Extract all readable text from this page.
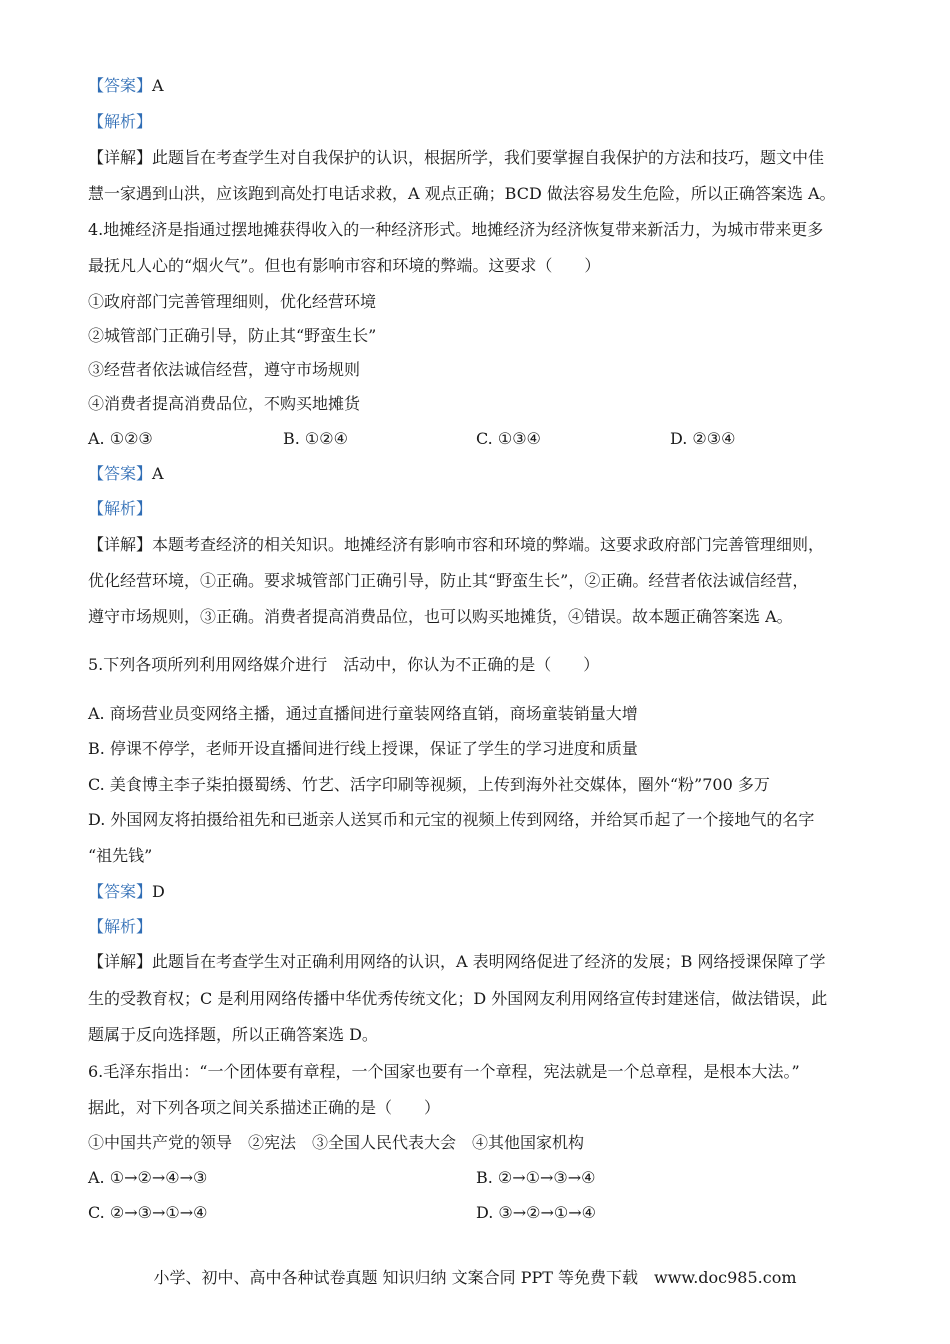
【答案】A
【解析】
【详解】此题旨在考查学生对自我保护的认识，根据所学，我们要掌握自我保护的方法和技巧，题文中佳
慧一家遇到山洪，应该跑到高处打电话求救，A 观点正确；BCD 做法容易发生危险，所以正确答案选 A。
4.地摊经济是指通过摆地摊获得收入的一种经济形式。地摊经济为经济恢复带来新活力，为城市带来更多
最抚凡人心的“烟火气”。但也有影响市容和环境的弊端。这要求（　　）
①政府部门完善管理细则，优化经营环境
②城管部门正确引导，防止其“野蛮生长”
③经营者依法诚信经营，遵守市场规则
④消费者提高消费品位，不购买地摊货
A. ①②③	B. ①②④	C. ①③④	D. ②③④
【答案】A
【解析】
【详解】本题考查经济的相关知识。地摊经济有影响市容和环境的弊端。这要求政府部门完善管理细则，
优化经营环境，①正确。要求城管部门正确引导，防止其“野蛮生长”，②正确。经营者依法诚信经营，
遵守市场规则，③正确。消费者提高消费品位，也可以购买地摊货，④错误。故本题正确答案选 A。
5.下列各项所列利用网络媒介进行　活动中，你认为不正确的是（　　）
A. 商场营业员变网络主播，通过直播间进行童装网络直销，商场童装销量大增
B. 停课不停学，老师开设直播间进行线上授课，保证了学生的学习进度和质量
C. 美食博主李子柒拍摄蜀绣、竹艺、活字印刷等视频，上传到海外社交媒体，圈外“粉”700 多万
D. 外国网友将拍摄给祖先和已逝亲人送冥币和元宝的视频上传到网络，并给冥币起了一个接地气的名字
“祖先钱”
【答案】D
【解析】
【详解】此题旨在考查学生对正确利用网络的认识，A 表明网络促进了经济的发展；B 网络授课保障了学
生的受教育权；C 是利用网络传播中华优秀传统文化；D 外国网友利用网络宣传封建迷信，做法错误，此
题属于反向选择题，所以正确答案选 D。
6.毛泽东指出：“一个团体要有章程，一个国家也要有一个章程，宪法就是一个总章程，是根本大法。”
据此，对下列各项之间关系描述正确的是（　　）
①中国共产党的领导　②宪法　③全国人民代表大会　④其他国家机构
A. ①→②→④→③	B. ②→①→③→④
C. ②→③→①→④	D. ③→②→①→④
小学、初中、高中各种试卷真题 知识归纳 文案合同 PPT 等免费下载　www.doc985.com
